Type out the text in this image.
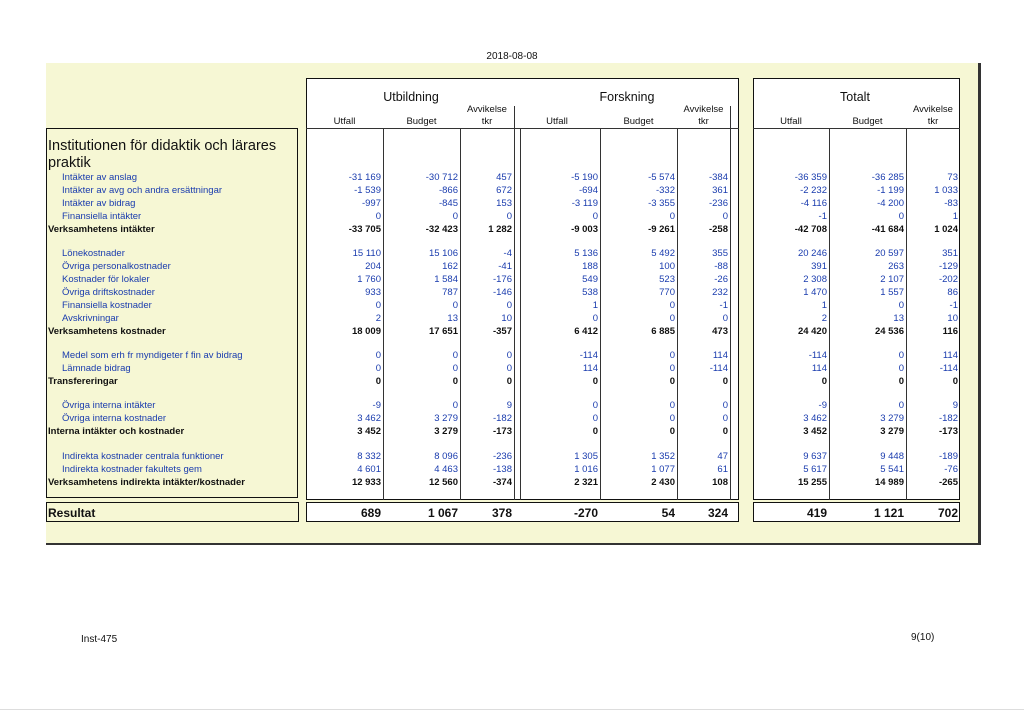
2018-08-08
Institutionen för didaktik och lärares praktik
Utbildning
Utfall	Budget
Avvikelse
tkr
Forskning
Utfall	Budget
Avvikelse
tkr
Totalt
Utfall	Budget
Avvikelse
tkr
Intäkter av anslag	-31 169	-30 712	457	-5 190	-5 574	-384	-36 359	-36 285	73
Intäkter av avg och andra ersättningar	-1 539	-866	672	-694	-332	361	-2 232	-1 199	1 033
Intäkter av bidrag	-997	-845	153	-3 119	-3 355	-236	-4 116	-4 200	-83
Finansiella intäkter	0	0	0	0	0	0	-1	0	1
Verksamhetens intäkter	-33 705	-32 423	1 282	-9 003	-9 261	-258	-42 708	-41 684	1 024
Lönekostnader	15 110	15 106	-4	5 136	5 492	355	20 246	20 597	351
Övriga personalkostnader	204	162	-41	188	100	-88	391	263	-129
Kostnader för lokaler	1 760	1 584	-176	549	523	-26	2 308	2 107	-202
Övriga driftskostnader	933	787	-146	538	770	232	1 470	1 557	86
Finansiella kostnader	0	0	0	1	0	-1	1	0	-1
Avskrivningar	2	13	10	0	0	0	2	13	10
Verksamhetens kostnader	18 009	17 651	-357	6 412	6 885	473	24 420	24 536	116
Medel som erh fr myndigeter f fin av bidrag	0	0	0	-114	0	114	-114	0	114
Lämnade bidrag	0	0	0	114	0	-114	114	0	-114
Transfereringar	0	0	0	0	0	0	0	0	0
Övriga interna intäkter	-9	0	9	0	0	0	-9	0	9
Övriga interna kostnader	3 462	3 279	-182	0	0	0	3 462	3 279	-182
Interna intäkter och kostnader	3 452	3 279	-173	0	0	0	3 452	3 279	-173
Indirekta kostnader centrala funktioner	8 332	8 096	-236	1 305	1 352	47	9 637	9 448	-189
Indirekta kostnader fakultets gem	4 601	4 463	-138	1 016	1 077	61	5 617	5 541	-76
Verksamhetens indirekta intäkter/kostnader	12 933	12 560	-374	2 321	2 430	108	15 255	14 989	-265
Resultat	689	1 067	378	-270	54	324	419	1 121	702
Inst-475	9(10)
